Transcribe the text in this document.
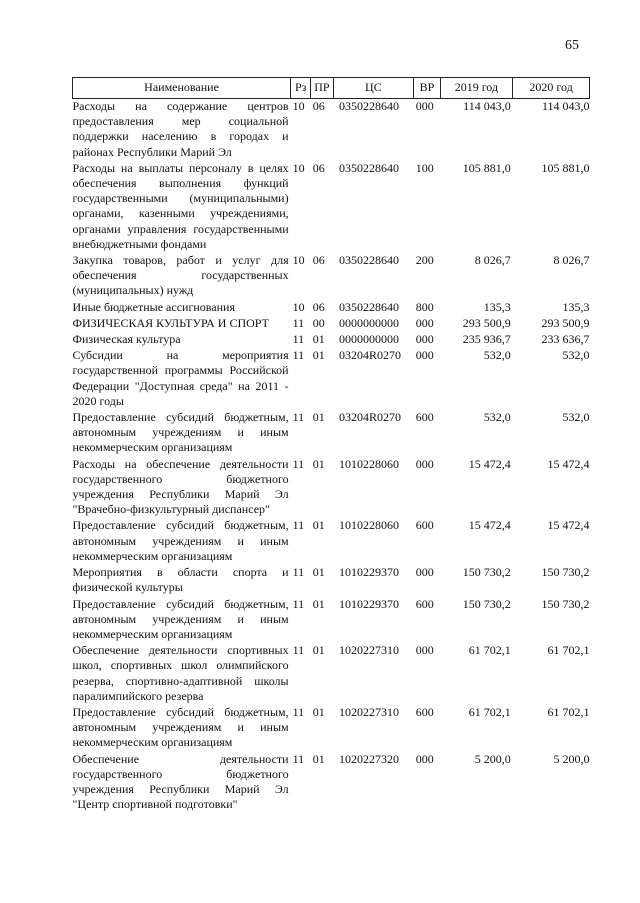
65
Наименование	Рз	ПР	ЦС	ВР	2019 год	2020 год
Расходы на содержание центров предоставления мер социальной поддержки населению в городах и районах Республики Марий Эл	10	06	0350228640	000	114 043,0	114 043,0
Расходы на выплаты персоналу в целях обеспечения выполнения функций государственными (муниципальными) органами, казенными учреждениями, органами управления государственными внебюджетными фондами	10	06	0350228640	100	105 881,0	105 881,0
Закупка товаров, работ и услуг для обеспечения государственных (муниципальных) нужд	10	06	0350228640	200	8 026,7	8 026,7
Иные бюджетные ассигнования	10	06	0350228640	800	135,3	135,3
ФИЗИЧЕСКАЯ КУЛЬТУРА И СПОРТ	11	00	0000000000	000	293 500,9	293 500,9
Физическая культура	11	01	0000000000	000	235 936,7	233 636,7
Субсидии на мероприятия государственной программы Российской Федерации "Доступная среда" на 2011 - 2020 годы	11	01	03204R0270	000	532,0	532,0
Предоставление субсидий бюджетным, автономным учреждениям и иным некоммерческим организациям	11	01	03204R0270	600	532,0	532,0
Расходы на обеспечение деятельности государственного бюджетного учреждения Республики Марий Эл "Врачебно-физкультурный диспансер"	11	01	1010228060	000	15 472,4	15 472,4
Предоставление субсидий бюджетным, автономным учреждениям и иным некоммерческим организациям	11	01	1010228060	600	15 472,4	15 472,4
Мероприятия в области спорта и физической культуры	11	01	1010229370	000	150 730,2	150 730,2
Предоставление субсидий бюджетным, автономным учреждениям и иным некоммерческим организациям	11	01	1010229370	600	150 730,2	150 730,2
Обеспечение деятельности спортивных школ, спортивных школ олимпийского резерва, спортивно-адаптивной школы паралимпийского резерва	11	01	1020227310	000	61 702,1	61 702,1
Предоставление субсидий бюджетным, автономным учреждениям и иным некоммерческим организациям	11	01	1020227310	600	61 702,1	61 702,1
Обеспечение деятельности государственного бюджетного учреждения Республики Марий Эл "Центр спортивной подготовки"	11	01	1020227320	000	5 200,0	5 200,0
